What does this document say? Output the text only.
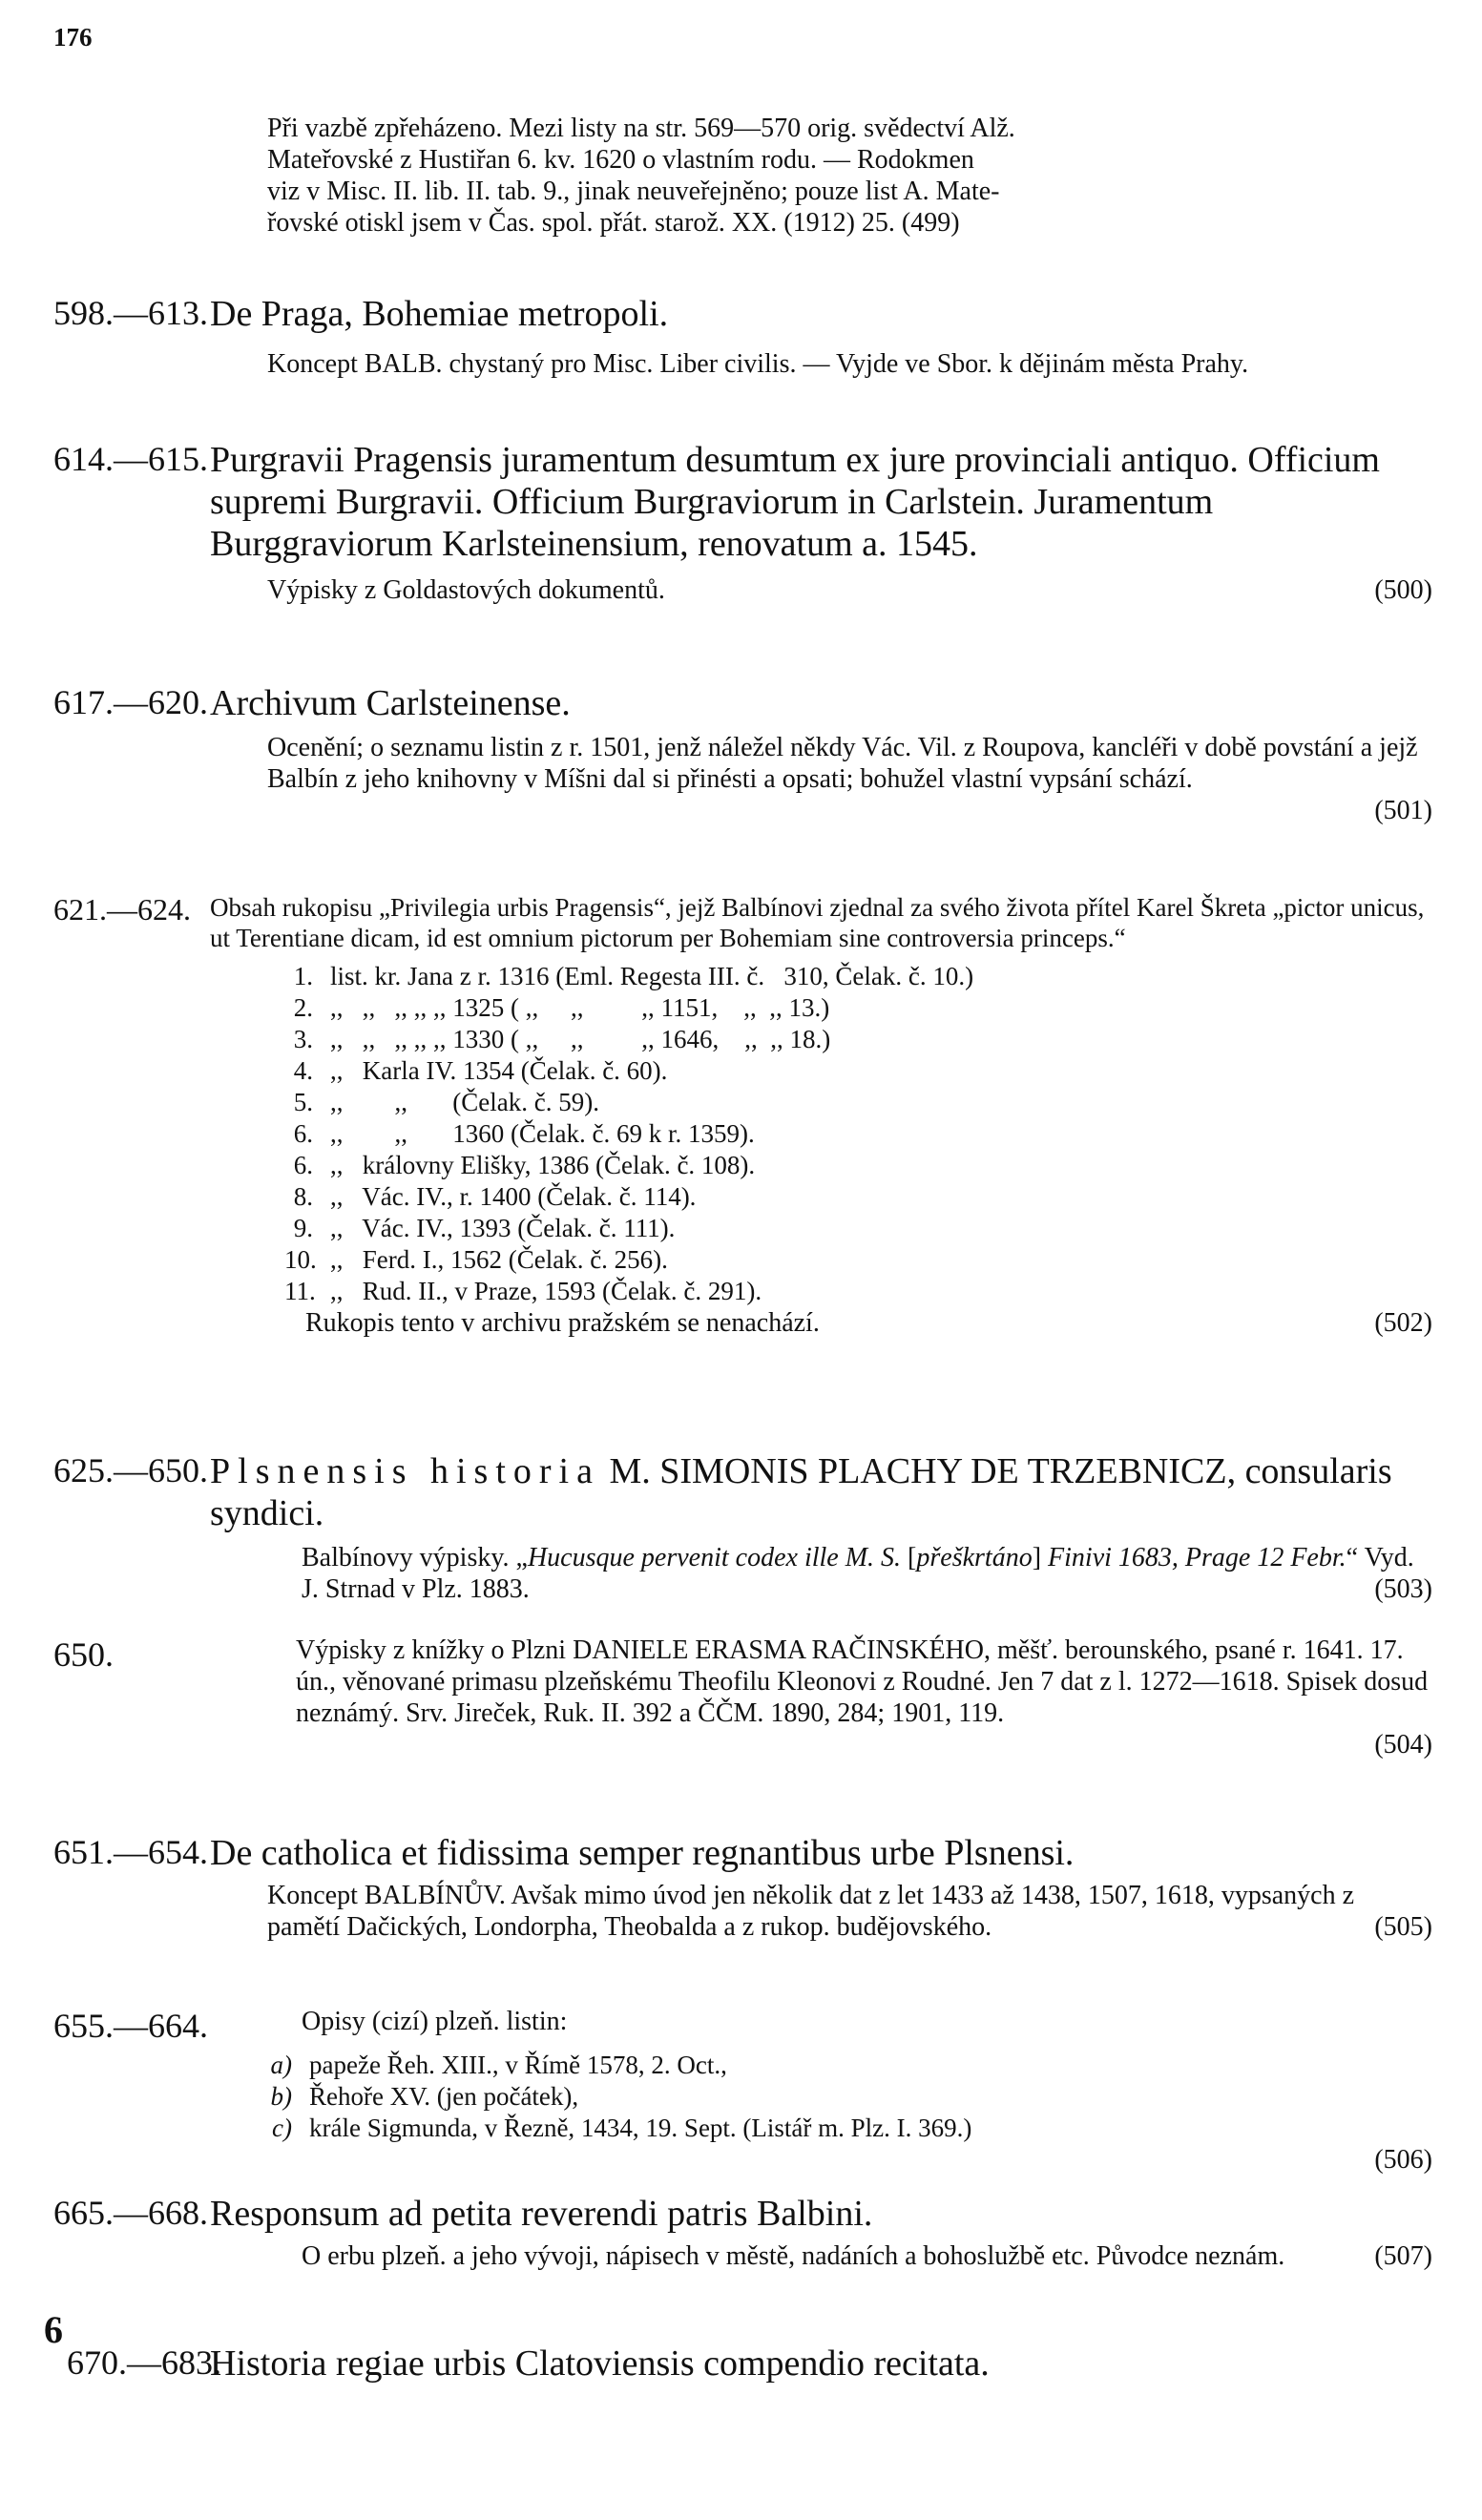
176
Při vazbě zpřeházeno. Mezi listy na str. 569—570 orig. svědectví Alž.
Mateřovské z Hustiřan 6. kv. 1620 o vlastním rodu. — Rodokmen
viz v Misc. II. lib. II. tab. 9., jinak neuveřejněno; pouze list A. Mate-
řovské otiskl jsem v Čas. spol. přát. starož. XX. (1912) 25. (499)
598.—613. De Praga, Bohemiae metropoli.
Koncept BALB. chystaný pro Misc. Liber civilis. — Vyjde ve Sbor. k dějinám města Prahy.
614.—615. Purgravii Pragensis juramentum desumtum ex jure provinciali antiquo. Officium supremi Burgravii. Officium Burgraviorum in Carlstein. Juramentum Burggraviorum Karlsteinensium, renovatum a. 1545.
Výpisky z Goldastových dokumentů.	(500)
617.—620. Archivum Carlsteinense.
Ocenění; o seznamu listin z r. 1501, jenž náležel někdy Vác. Vil. z Roupova, kancléři v době povstání a jejž Balbín z jeho knihovny v Míšni dal si přinésti a opsati; bohužel vlastní vypsání schází.
(501)
621.—624. Obsah rukopisu „Privilegia urbis Pragensis“, jejž Balbínovi zjednal za svého života přítel Karel Škreta „pictor unicus, ut Terentiane dicam, id est omnium pictorum per Bohemiam sine controversia princeps.“
1. list. kr. Jana z r. 1316 (Eml. Regesta III. č.   310, Čelak. č. 10.)
2. ,,   ,,   ,, ,, ,, 1325 ( ,,     ,,         ,, 1151,    ,,  ,, 13.)
3. ,,   ,,   ,, ,, ,, 1330 ( ,,     ,,         ,, 1646,    ,,  ,, 18.)
4. ,,   Karla IV. 1354 (Čelak. č. 60).
5. ,,        ,,       (Čelak. č. 59).
6. ,,        ,,       1360 (Čelak. č. 69 k r. 1359).
6. ,,   královny Elišky, 1386 (Čelak. č. 108).
8. ,,   Vác. IV., r. 1400 (Čelak. č. 114).
9. ,,   Vác. IV., 1393 (Čelak. č. 111).
10. ,,   Ferd. I., 1562 (Čelak. č. 256).
11. ,,   Rud. II., v Praze, 1593 (Čelak. č. 291).
Rukopis tento v archivu pražském se nenachází.	(502)
625.—650. Plsnensis historia M. SIMONIS PLACHY DE TRZEBNICZ, consularis syndici.
Balbínovy výpisky. „Hucusque pervenit codex ille M. S. [přeškrtáno] Finivi 1683, Prage 12 Febr.“ Vyd. J. Strnad v Plz. 1883.	(503)
650.	Výpisky z knížky o Plzni DANIELE ERASMA RAČINSKÉHO, měšť. berounského, psané r. 1641. 17. ún., věnované primasu plzeňskému Theofilu Kleonovi z Roudné. Jen 7 dat z l. 1272—1618. Spisek dosud neznámý. Srv. Jireček, Ruk. II. 392 a ČČM. 1890, 284; 1901, 119.
(504)
651.—654. De catholica et fidissima semper regnantibus urbe Plsnensi.
Koncept BALBÍNŮV. Avšak mimo úvod jen několik dat z let 1433 až 1438, 1507, 1618, vypsaných z pamětí Dačických, Londorpha, Theobalda a z rukop. budějovského.	(505)
655.—664.	Opisy (cizí) plzeň. listin:
a) papeže Řeh. XIII., v Římě 1578, 2. Oct.,
b) Řehoře XV. (jen počátek),
c) krále Sigmunda, v Řezně, 1434, 19. Sept. (Listář m. Plz. I. 369.)
(506)
665.—668. Responsum ad petita reverendi patris Balbini.
O erbu plzeň. a jeho vývoji, nápisech v městě, nadáních a bohoslužbě etc. Původce neznám.	(507)
670.—683.
Historia regiae urbis Clatoviensis compendio recitata.
6
